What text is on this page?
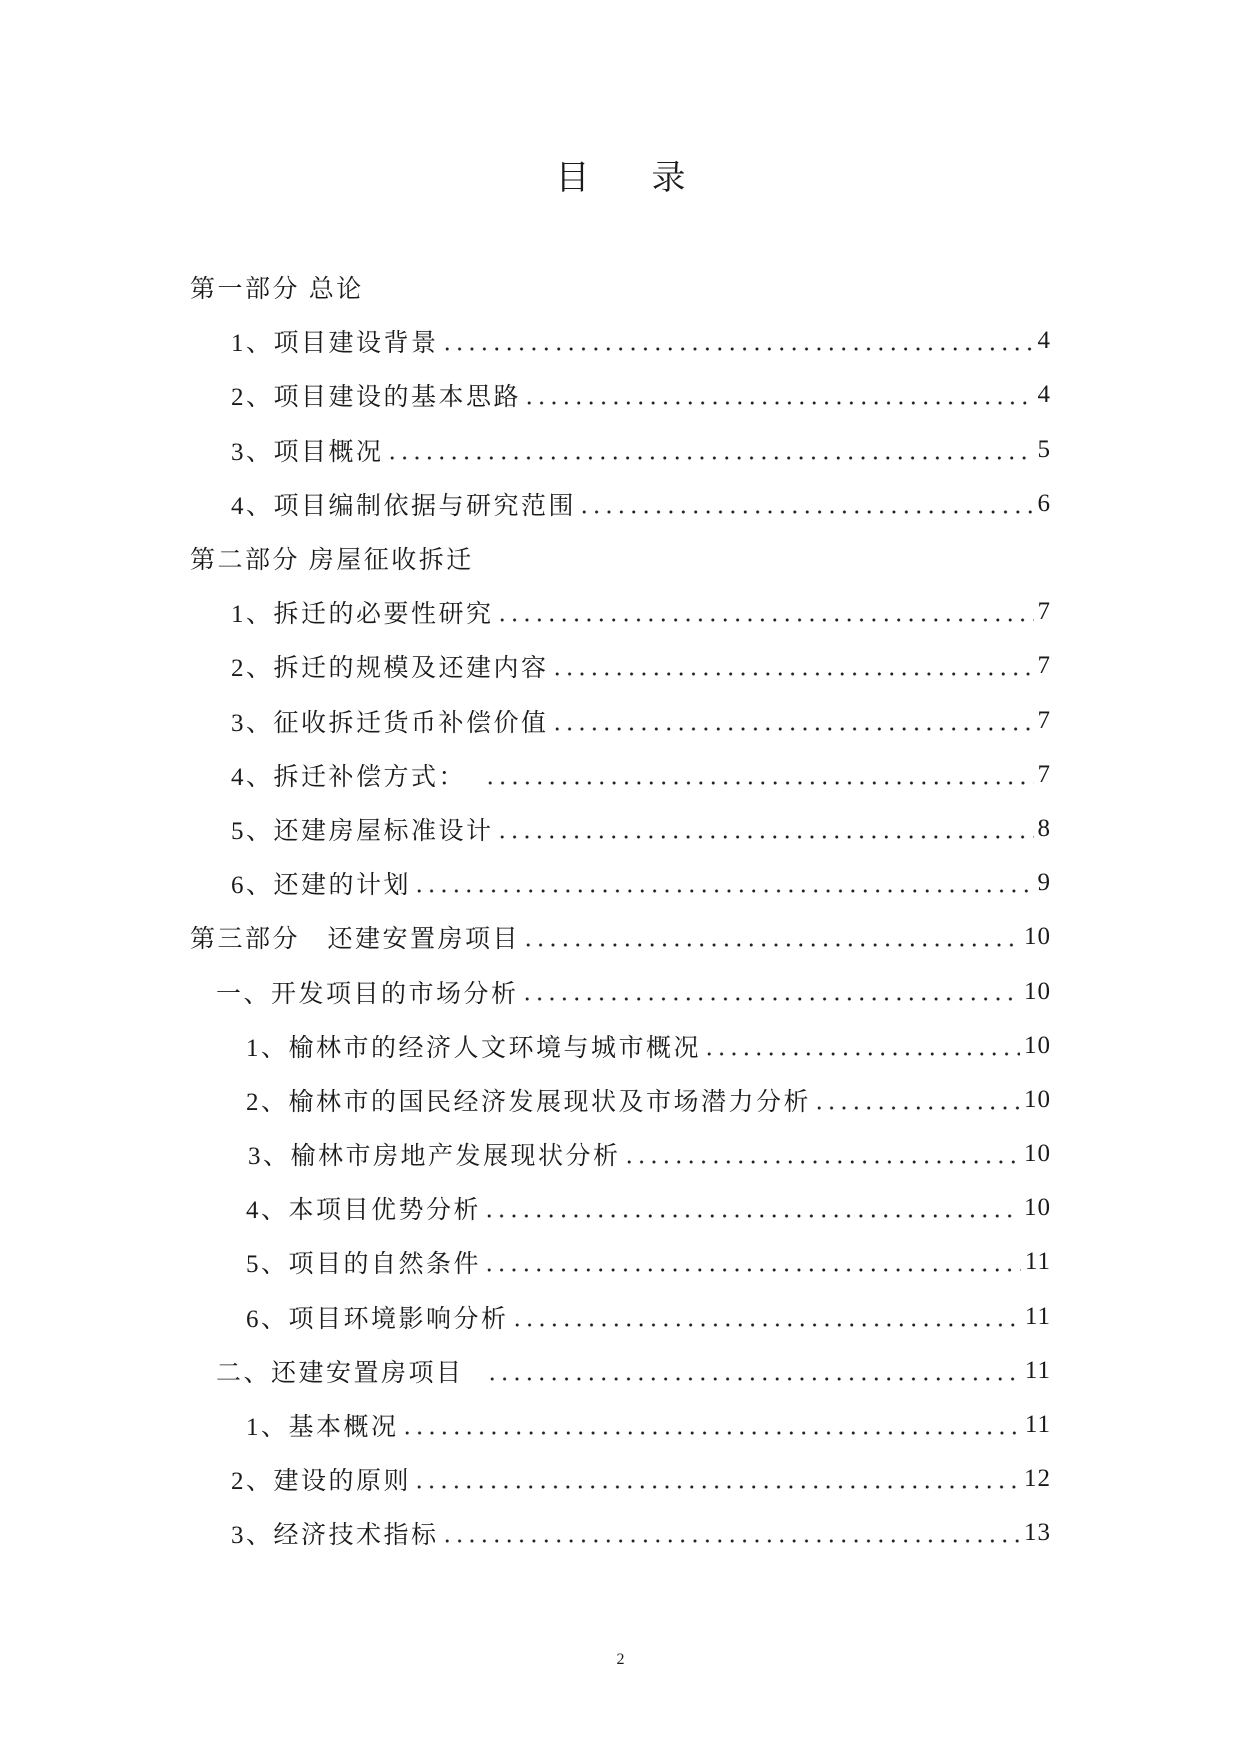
目　录
第一部分 总论
1、项目建设背景	4
2、项目建设的基本思路	4
3、项目概况	5
4、项目编制依据与研究范围	6
第二部分 房屋征收拆迁
1、拆迁的必要性研究	7
2、拆迁的规模及还建内容	7
3、征收拆迁货币补偿价值	7
4、拆迁补偿方式：	7
5、还建房屋标准设计	8
6、还建的计划	9
第三部分　还建安置房项目	10
一、开发项目的市场分析	10
1、榆林市的经济人文环境与城市概况	10
2、榆林市的国民经济发展现状及市场潜力分析	10
3、榆林市房地产发展现状分析	10
4、本项目优势分析	10
5、项目的自然条件	11
6、项目环境影响分析	11
二、还建安置房项目	11
1、基本概况	11
2、建设的原则	12
3、经济技术指标	13
2
